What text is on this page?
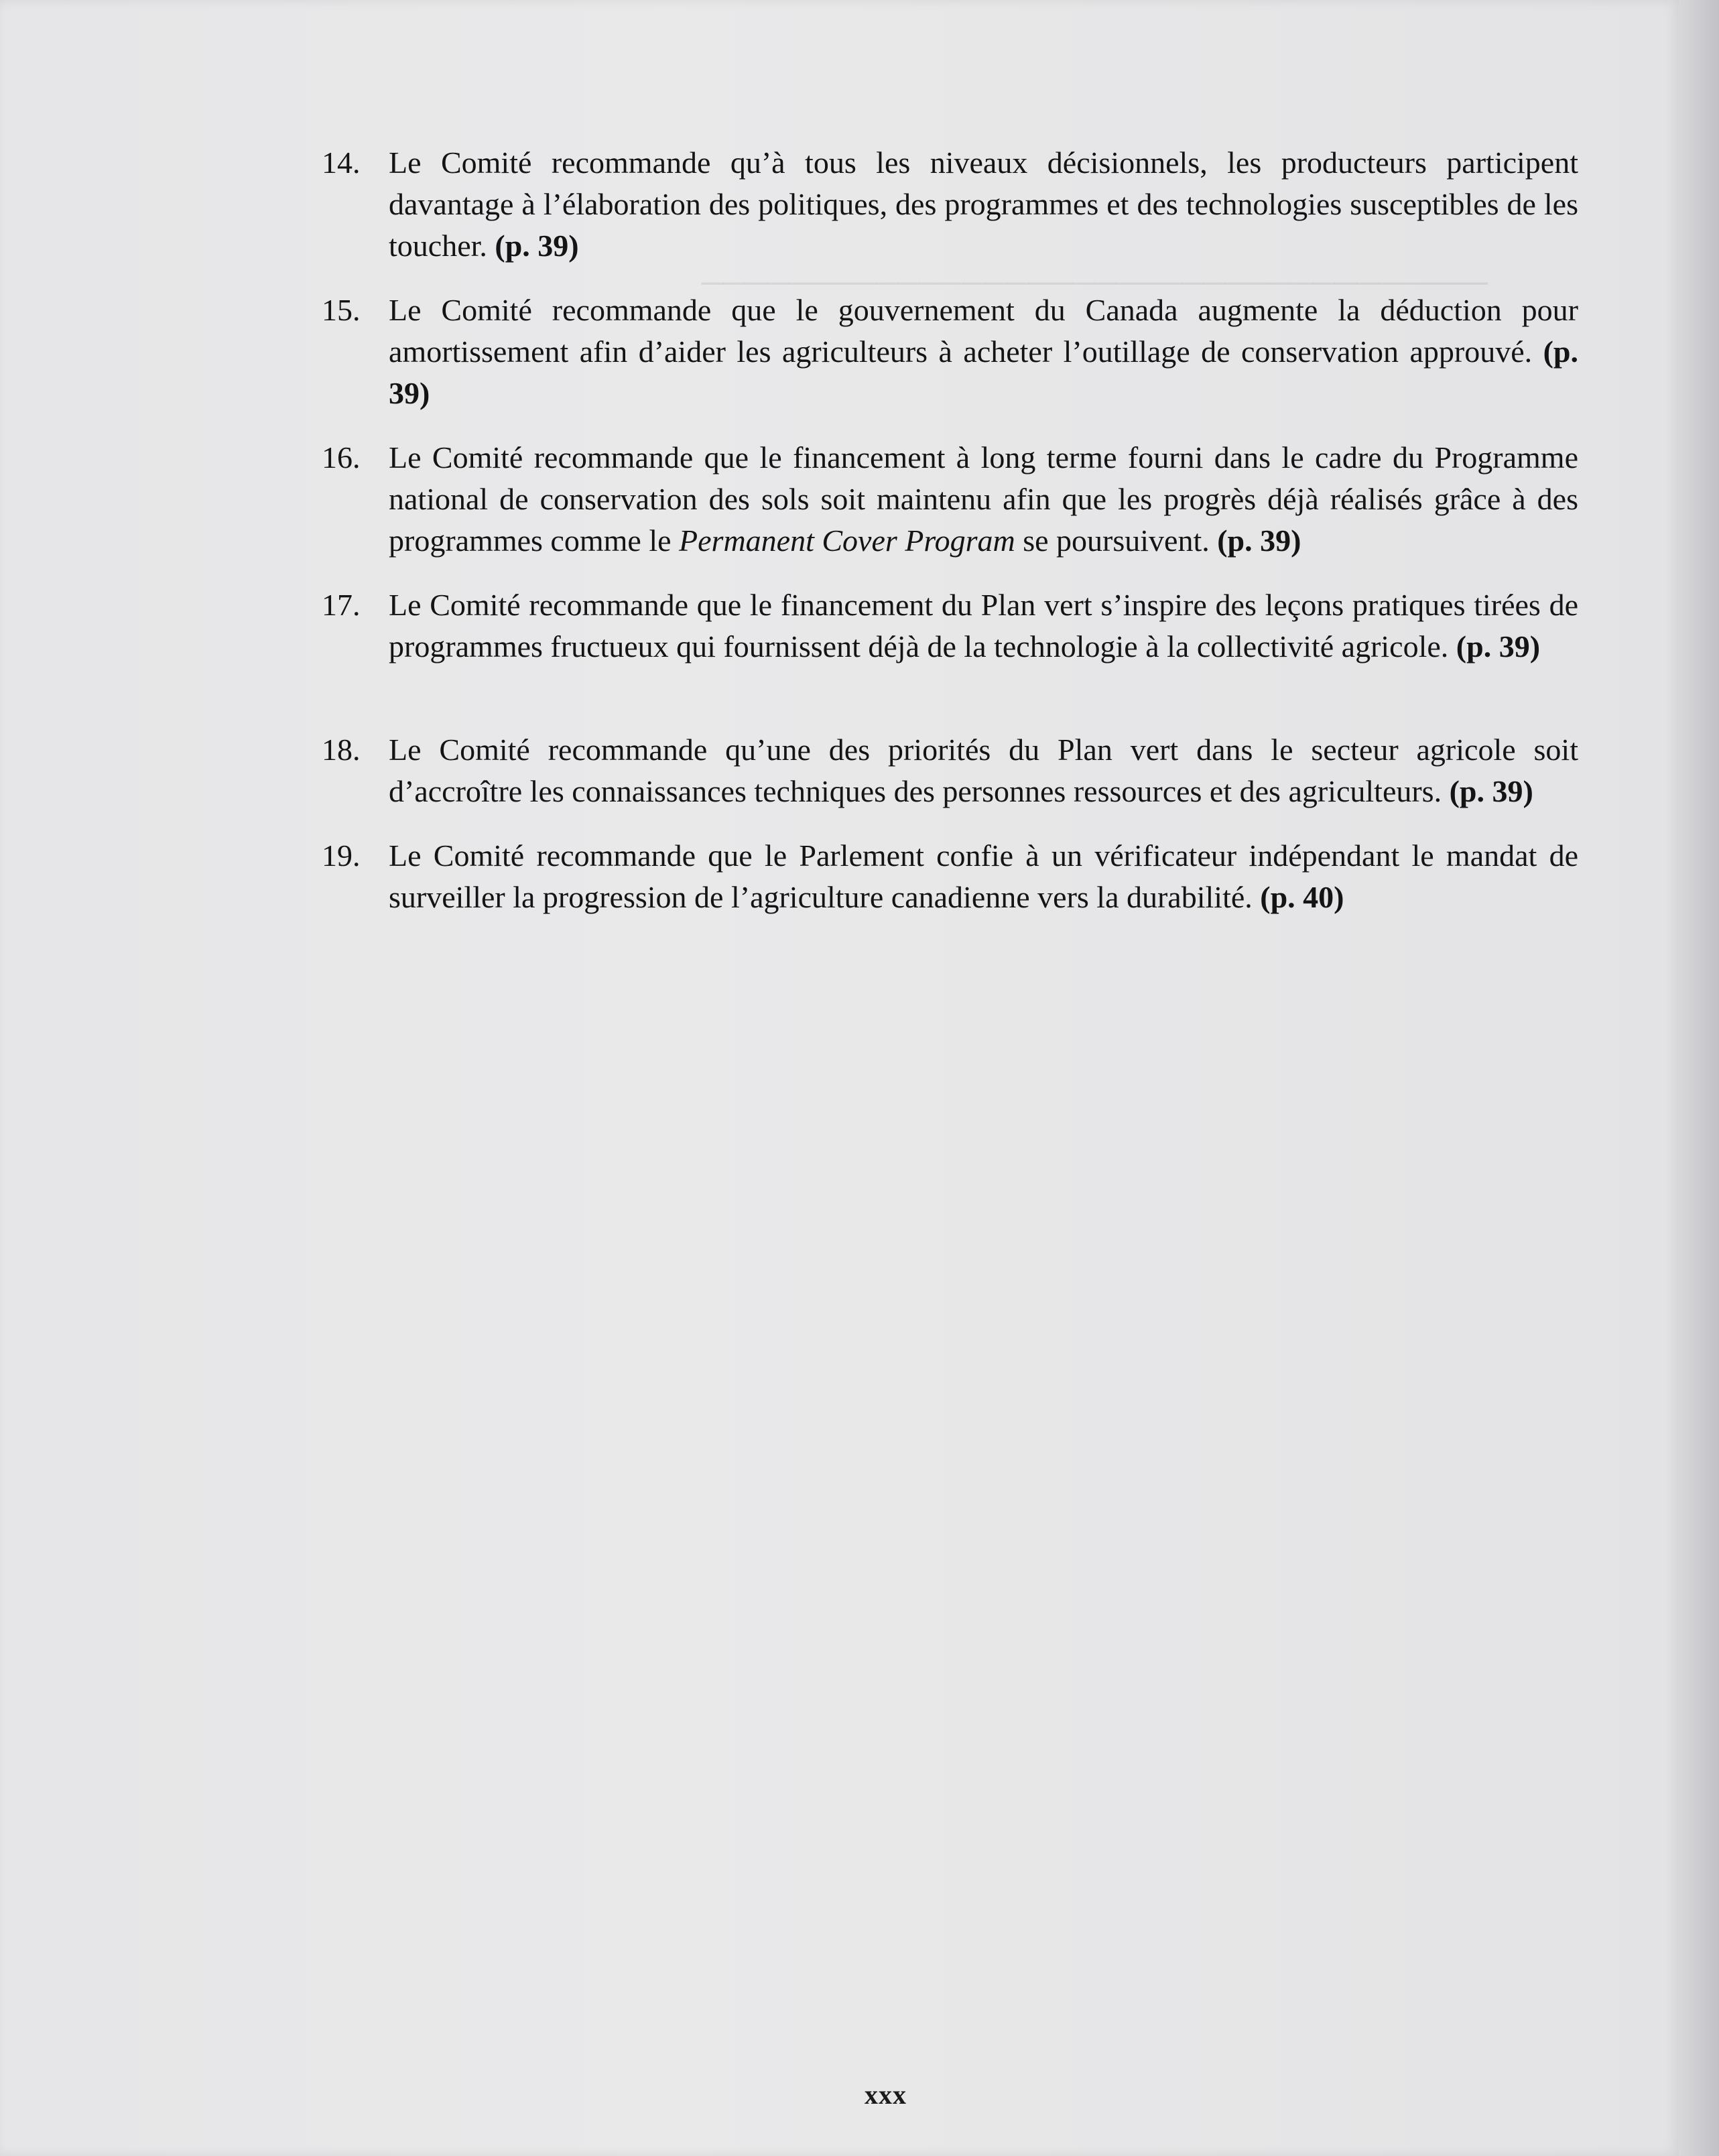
────────────────────────────────────

14. Le Comité recommande qu’à tous les niveaux décisionnels, les producteurs participent davantage à l’élaboration des politiques, des programmes et des technologies susceptibles de les toucher. (p. 39)
15. Le Comité recommande que le gouvernement du Canada augmente la déduction pour amortissement afin d’aider les agriculteurs à acheter l’outillage de conservation approuvé. (p. 39)
16. Le Comité recommande que le financement à long terme fourni dans le cadre du Programme national de conservation des sols soit maintenu afin que les progrès déjà réalisés grâce à des programmes comme le Permanent Cover Program se poursuivent. (p. 39)
17. Le Comité recommande que le financement du Plan vert s’inspire des leçons pratiques tirées de programmes fructueux qui fournissent déjà de la technologie à la collectivité agricole. (p. 39)
18. Le Comité recommande qu’une des priorités du Plan vert dans le secteur agricole soit d’accroître les connaissances techniques des personnes ressources et des agriculteurs. (p. 39)
19. Le Comité recommande que le Parlement confie à un vérificateur indépendant le mandat de surveiller la progression de l’agriculture canadienne vers la durabilité. (p. 40)
xxx
